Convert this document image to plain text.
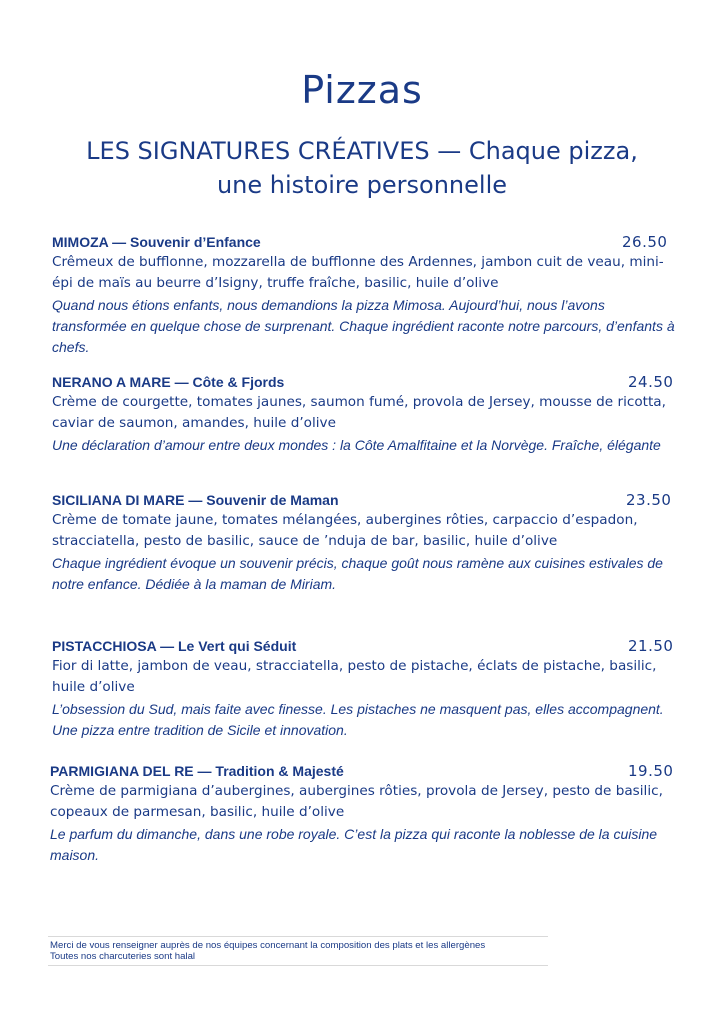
Pizzas
LES SIGNATURES CRÉATIVES — Chaque pizza, une histoire personnelle
MIMOZA — Souvenir d’Enfance	26.50

Crêmeux de bufflonne, mozzarella de bufflonne des Ardennes, jambon cuit de veau, mini-épi de maïs au beurre d’Isigny, truffe fraîche, basilic, huile d’olive

Quand nous étions enfants, nous demandions la pizza Mimosa. Aujourd’hui, nous l’avons transformée en quelque chose de surprenant. Chaque ingrédient raconte notre parcours, d’enfants à chefs.

NERANO A MARE — Côte & Fjords	24.50

Crème de courgette, tomates jaunes, saumon fumé, provola de Jersey, mousse de ricotta, caviar de saumon, amandes, huile d’olive

Une déclaration d’amour entre deux mondes : la Côte Amalfitaine et la Norvège. Fraîche, élégante

SICILIANA DI MARE — Souvenir de Maman	23.50

Crème de tomate jaune, tomates mélangées, aubergines rôties, carpaccio d’espadon, stracciatella, pesto de basilic, sauce de ’nduja de bar, basilic, huile d’olive

Chaque ingrédient évoque un souvenir précis, chaque goût nous ramène aux cuisines estivales de notre enfance. Dédiée à la maman de Miriam.

PISTACCHIOSA — Le Vert qui Séduit	21.50

Fior di latte, jambon de veau, stracciatella, pesto de pistache, éclats de pistache, basilic, huile d’olive

L’obsession du Sud, mais faite avec finesse. Les pistaches ne masquent pas, elles accompagnent. Une pizza entre tradition de Sicile et innovation.

PARMIGIANA DEL RE — Tradition & Majesté	19.50

Crème de parmigiana d’aubergines, aubergines rôties, provola de Jersey, pesto de basilic, copeaux de parmesan, basilic, huile d’olive

Le parfum du dimanche, dans une robe royale. C’est la pizza qui raconte la noblesse de la cuisine maison.

Merci de vous renseigner auprès de nos équipes concernant la composition des plats et les allergènes
Toutes nos charcuteries sont halal
